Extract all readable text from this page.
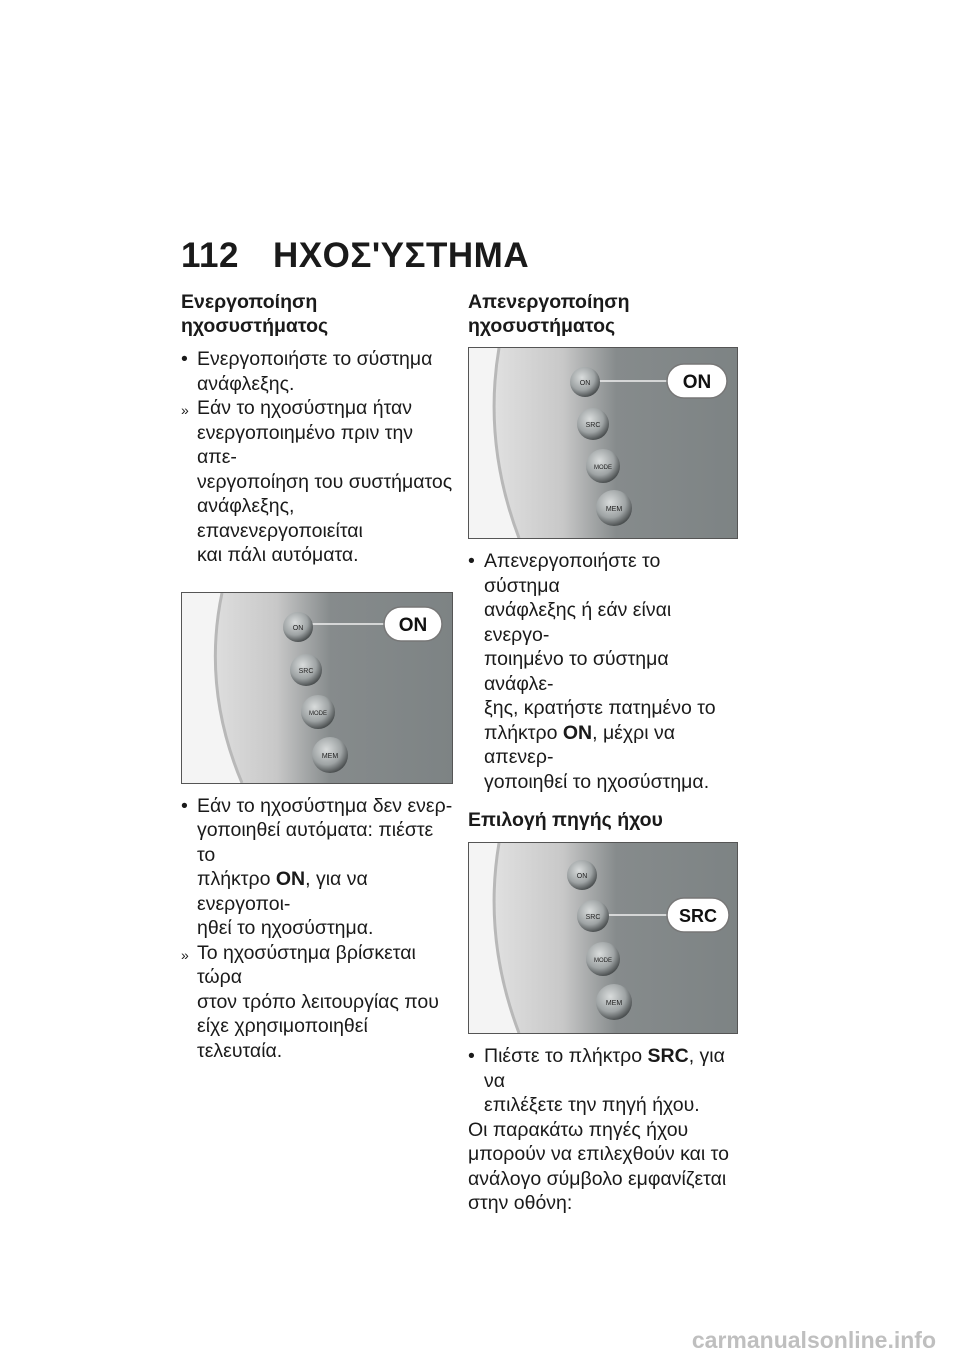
112 ΗΧΟΣ'ΥΣΤΗΜΑ
Ενεργοποίηση
ηχοσυστήματος
• Ενεργοποιήστε το σύστημα
ανάφλεξης.
» Εάν το ηχοσύστημα ήταν
ενεργοποιημένο πριν την απε-
νεργοποίηση του συστήματος
ανάφλεξης, επανενεργοποιείται
και πάλι αυτόματα.
ON
SRC
MODE
MEM
ON
• Εάν το ηχοσύστημα δεν ενερ-
γοποιηθεί αυτόματα: πιέστε το
πλήκτρο ON, για να ενεργοποι-
ηθεί το ηχοσύστημα.
» Το ηχοσύστημα βρίσκεται τώρα
στον τρόπο λειτουργίας που
είχε χρησιμοποιηθεί τελευταία.
Απενεργοποίηση
ηχοσυστήματος
ON
SRC
MODE
MEM
ON
• Απενεργοποιήστε το σύστημα
ανάφλεξης ή εάν είναι ενεργο-
ποιημένο το σύστημα ανάφλε-
ξης, κρατήστε πατημένο το
πλήκτρο ON, μέχρι να απενερ-
γοποιηθεί το ηχοσύστημα.
Επιλογή πηγής ήχου
ON
SRC
MODE
MEM
SRC
• Πιέστε το πλήκτρο SRC, για να
επιλέξετε την πηγή ήχου.
Οι παρακάτω πηγές ήχου
μπορούν να επιλεχθούν και το
ανάλογο σύμβολο εμφανίζεται
στην οθόνη:
carmanualsonline.info
